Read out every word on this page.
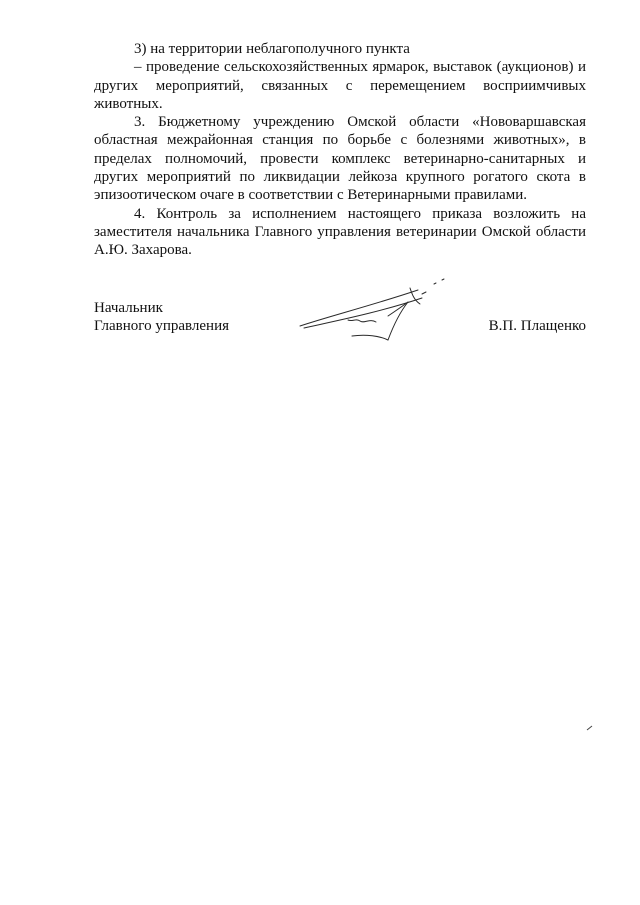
3) на территории неблагополучного пункта

– проведение сельскохозяйственных ярмарок, выставок (аукционов) и других мероприятий, связанных с перемещением восприимчивых животных.

3. Бюджетному учреждению Омской области «Нововаршавская областная межрайонная станция по борьбе с болезнями животных», в пределах полномочий, провести комплекс ветеринарно-санитарных и других мероприятий по ликвидации лейкоза крупного рогатого скота в эпизоотическом очаге в соответствии с Ветеринарными правилами.

4. Контроль за исполнением настоящего приказа возложить на заместителя начальника Главного управления ветеринарии Омской области А.Ю. Захарова.

Начальник
Главного управления	В.П. Плащенко
